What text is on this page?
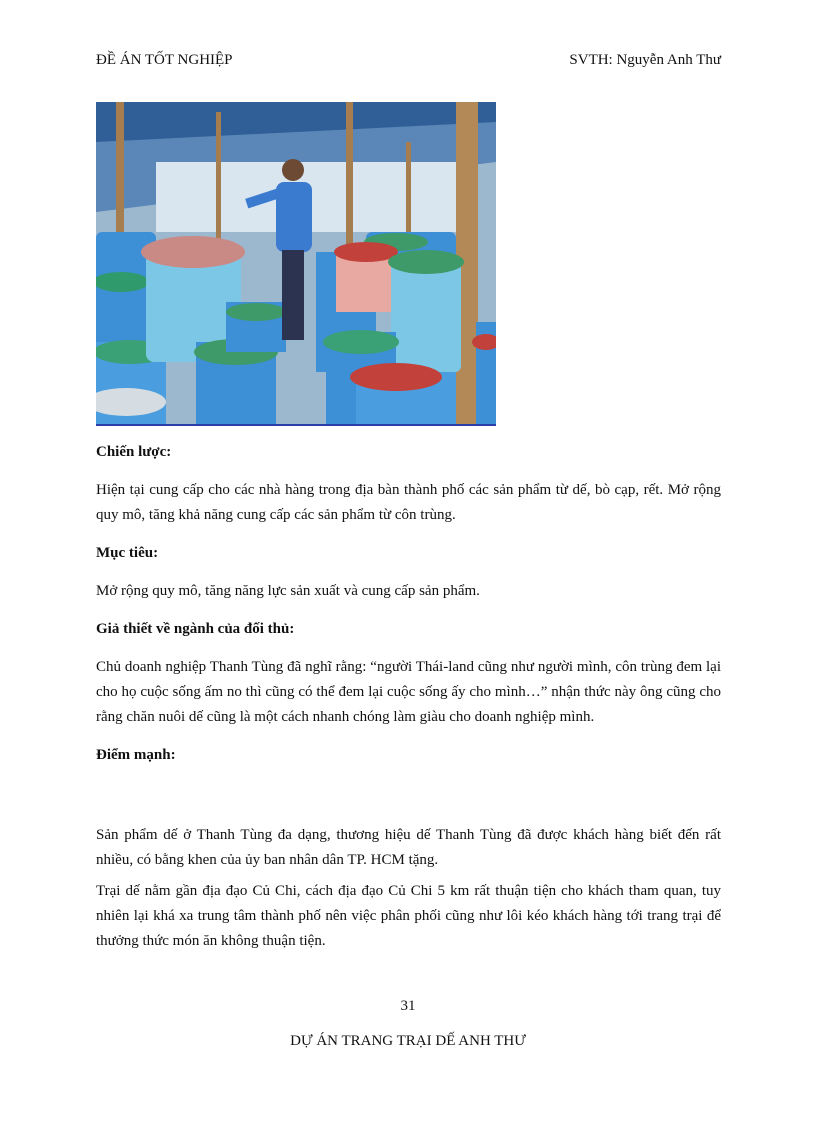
ĐỀ ÁN TỐT NGHIỆP	SVTH: Nguyễn Anh Thư
Chiến lược:

Hiện tại cung cấp cho các nhà hàng trong địa bàn thành phố các sản phẩm từ dế, bò cạp, rết. Mở rộng quy mô, tăng khả năng cung cấp các sản phẩm từ côn trùng.

Mục tiêu:

Mở rộng quy mô, tăng năng lực sản xuất và cung cấp sản phẩm.

Giả thiết về ngành của đối thủ:

Chủ doanh nghiệp Thanh Tùng đã nghĩ rằng: “người Thái-land cũng như người mình, côn trùng đem lại cho họ cuộc sống ấm no thì cũng có thể đem lại cuộc sống ấy cho mình…” nhận thức này ông cũng cho rằng chăn nuôi dế cũng là một cách nhanh chóng làm giàu cho doanh nghiệp mình.

Điểm mạnh:

Sản phẩm dế ở Thanh Tùng đa dạng, thương hiệu dế Thanh Tùng đã được khách hàng biết đến rất nhiều, có bằng khen của ủy ban nhân dân TP. HCM tặng.

Trại dế nằm gần địa đạo Củ Chi, cách địa đạo Củ Chi 5 km rất thuận tiện cho khách tham quan, tuy nhiên lại khá xa trung tâm thành phố nên việc phân phối cũng như lôi kéo khách hàng tới trang trại để thưởng thức món ăn không thuận tiện.

31
DỰ ÁN TRANG TRẠI DẾ ANH THƯ
